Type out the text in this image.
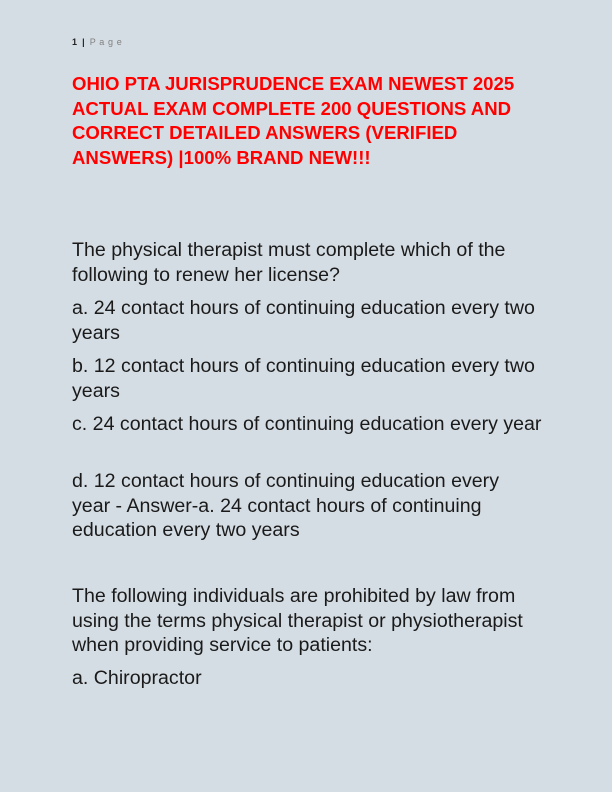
1 | P a g e
OHIO PTA JURISPRUDENCE EXAM NEWEST 2025 ACTUAL EXAM COMPLETE 200 QUESTIONS AND CORRECT DETAILED ANSWERS (VERIFIED ANSWERS) |100% BRAND NEW!!!

The physical therapist must complete which of the following to renew her license?

a. 24 contact hours of continuing education every two years

b. 12 contact hours of continuing education every two years

c. 24 contact hours of continuing education every year

d. 12 contact hours of continuing education every year - Answer-a. 24 contact hours of continuing education every two years

The following individuals are prohibited by law from using the terms physical therapist or physiotherapist when providing service to patients:

a. Chiropractor
